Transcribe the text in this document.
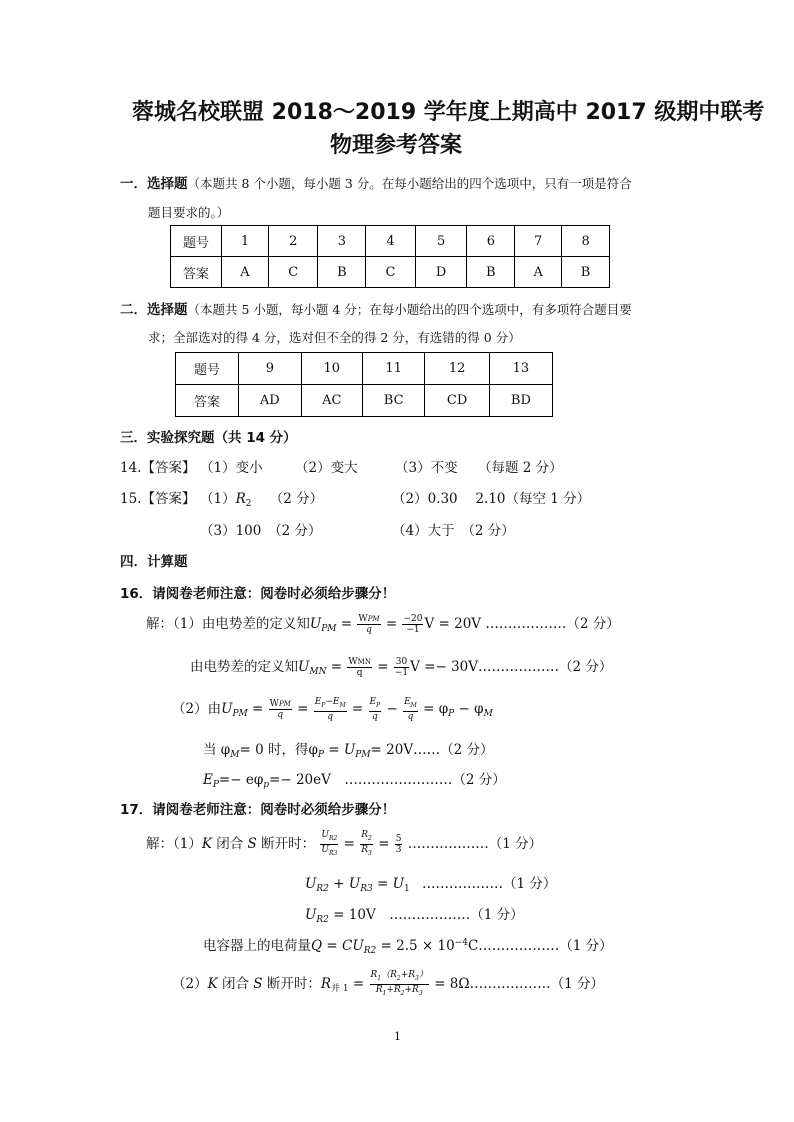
蓉城名校联盟 2018～2019 学年度上期高中 2017 级期中联考
物理参考答案
一．选择题（本题共 8 个小题，每小题 3 分。在每小题给出的四个选项中，只有一项是符合
题目要求的。）
题号	1	2	3	4	5	6	7	8
答案	A	C	B	C	D	B	A	B
二．选择题（本题共 5 小题，每小题 4 分；在每小题给出的四个选项中，有多项符合题目要
求；全部选对的得 4 分，选对但不全的得 2 分，有选错的得 0 分）
题号	9	10	11	12	13
答案	AD	AC	BC	CD	BD
三．实验探究题（共 14 分）
14.【答案】 （1）变小 （2）变大	（3）不变 （每题 2 分）
15.【答案】 $(1)R_2$ （2 分）	（2）0.30　 2.10（每空 1 分）
（3）100　（2 分）	（4）大于　（2 分）
四．计算题
16．请阅卷老师注意：阅卷时必须给步骤分！
解：（1）由电势差的定义知$U_{PM} = \frac{\text{WPM}}{q} = \frac{-20}{-1}$ V = 20V ………………（2 分）
由电势差的定义知$U_{MN} = \frac{\text{WMN}}{q} = \frac{30}{-1}$ V =− 30V………………（2 分）
（2）由$U_{PM} = \frac{\text{WPM}}{q} = \frac{E_P-E_M}{q} = \frac{E_P}{q} - \frac{E_M}{q} = \varphi_P - \varphi_M$
当 $\varphi_M= 0$ 时，得$\varphi_P = U_{PM}=$ 20V……（2 分）
$E_P=- e\varphi_p=- 20eV$　……………………（2 分）
17．请阅卷老师注意：阅卷时必须给步骤分！
解：（1）K 闭合 S 断开时： $\frac{U_{R2}}{U_{R3}} = \frac{R_2}{R_3} = \frac{5}{3}$ ………………（1 分）
$U_{R2} + U_{R3} = U_1$ ………………（1 分）
$U_{R2} = 10V$　………………（1 分）
电容器上的电荷量$Q = CU_{R2} = 2.5$ × $10^{-4}C\dots\dots\dots\dots\dots\dots(1$ 分）
（2）K 闭合 S 断开时：$R_{并 1} = \frac{R_1(R_2+R_3)}{R_1+R_2+R_3}$ = 8Ω………………（1 分）
1
